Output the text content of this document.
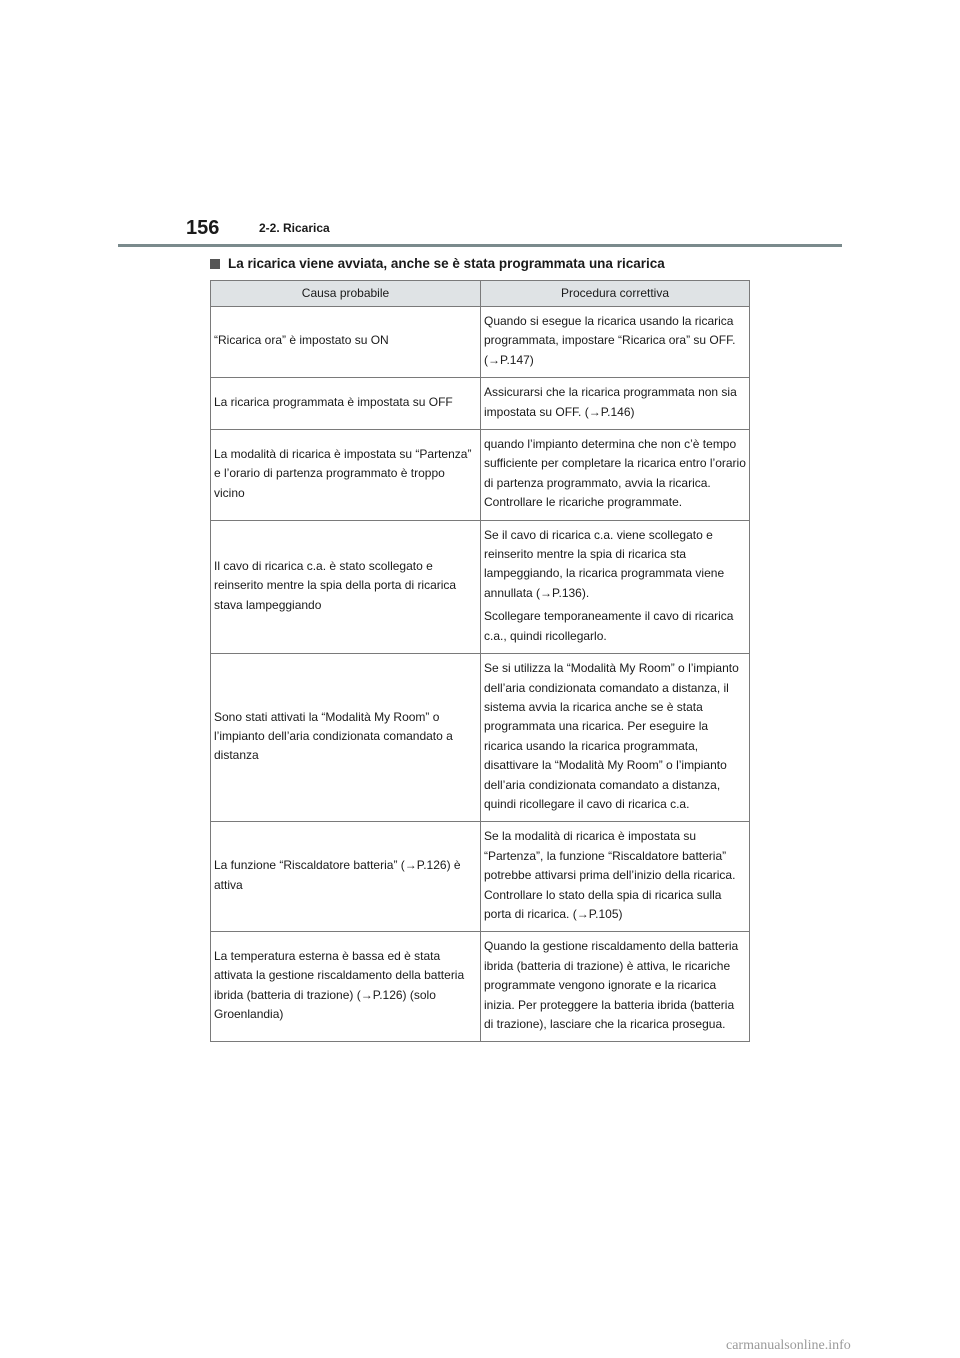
156	2-2. Ricarica
La ricarica viene avviata, anche se è stata programmata una ricarica
Causa probabile	Procedura correttiva
“Ricarica ora” è impostato su ON	Quando si esegue la ricarica usando la ricarica programmata, impostare “Ricarica ora” su OFF. (→P.147)

La ricarica programmata è impostata su OFF	Assicurarsi che la ricarica programmata non sia impostata su OFF. (→P.146)

La modalità di ricarica è impostata su “Partenza” e l’orario di partenza programmato è troppo vicino	quando l’impianto determina che non c’è tempo sufficiente per completare la ricarica entro l’orario di partenza programmato, avvia la ricarica. Controllare le ricariche programmate.

Il cavo di ricarica c.a. è stato scollegato e reinserito mentre la spia della porta di ricarica stava lampeggiando	Se il cavo di ricarica c.a. viene scollegato e reinserito mentre la spia di ricarica sta lampeggiando, la ricarica programmata viene annullata (→P.136).

Scollegare temporaneamente il cavo di ricarica c.a., quindi ricollegarlo.

Sono stati attivati la “Modalità My Room” o l’impianto dell’aria condizionata comandato a distanza	Se si utilizza la “Modalità My Room” o l’impianto dell’aria condizionata comandato a distanza, il sistema avvia la ricarica anche se è stata programmata una ricarica. Per eseguire la ricarica usando la ricarica programmata, disattivare la “Modalità My Room” o l’impianto dell’aria condizionata comandato a distanza, quindi ricollegare il cavo di ricarica c.a.

La funzione “Riscaldatore batteria” (→P.126) è attiva	Se la modalità di ricarica è impostata su “Partenza”, la funzione “Riscaldatore batteria” potrebbe attivarsi prima dell’inizio della ricarica. Controllare lo stato della spia di ricarica sulla porta di ricarica. (→P.105)

La temperatura esterna è bassa ed è stata attivata la gestione riscaldamento della batteria ibrida (batteria di trazione) (→P.126) (solo Groenlandia)	Quando la gestione riscaldamento della batteria ibrida (batteria di trazione) è attiva, le ricariche programmate vengono ignorate e la ricarica inizia. Per proteggere la batteria ibrida (batteria di trazione), lasciare che la ricarica prosegua.

carmanualsonline.info
